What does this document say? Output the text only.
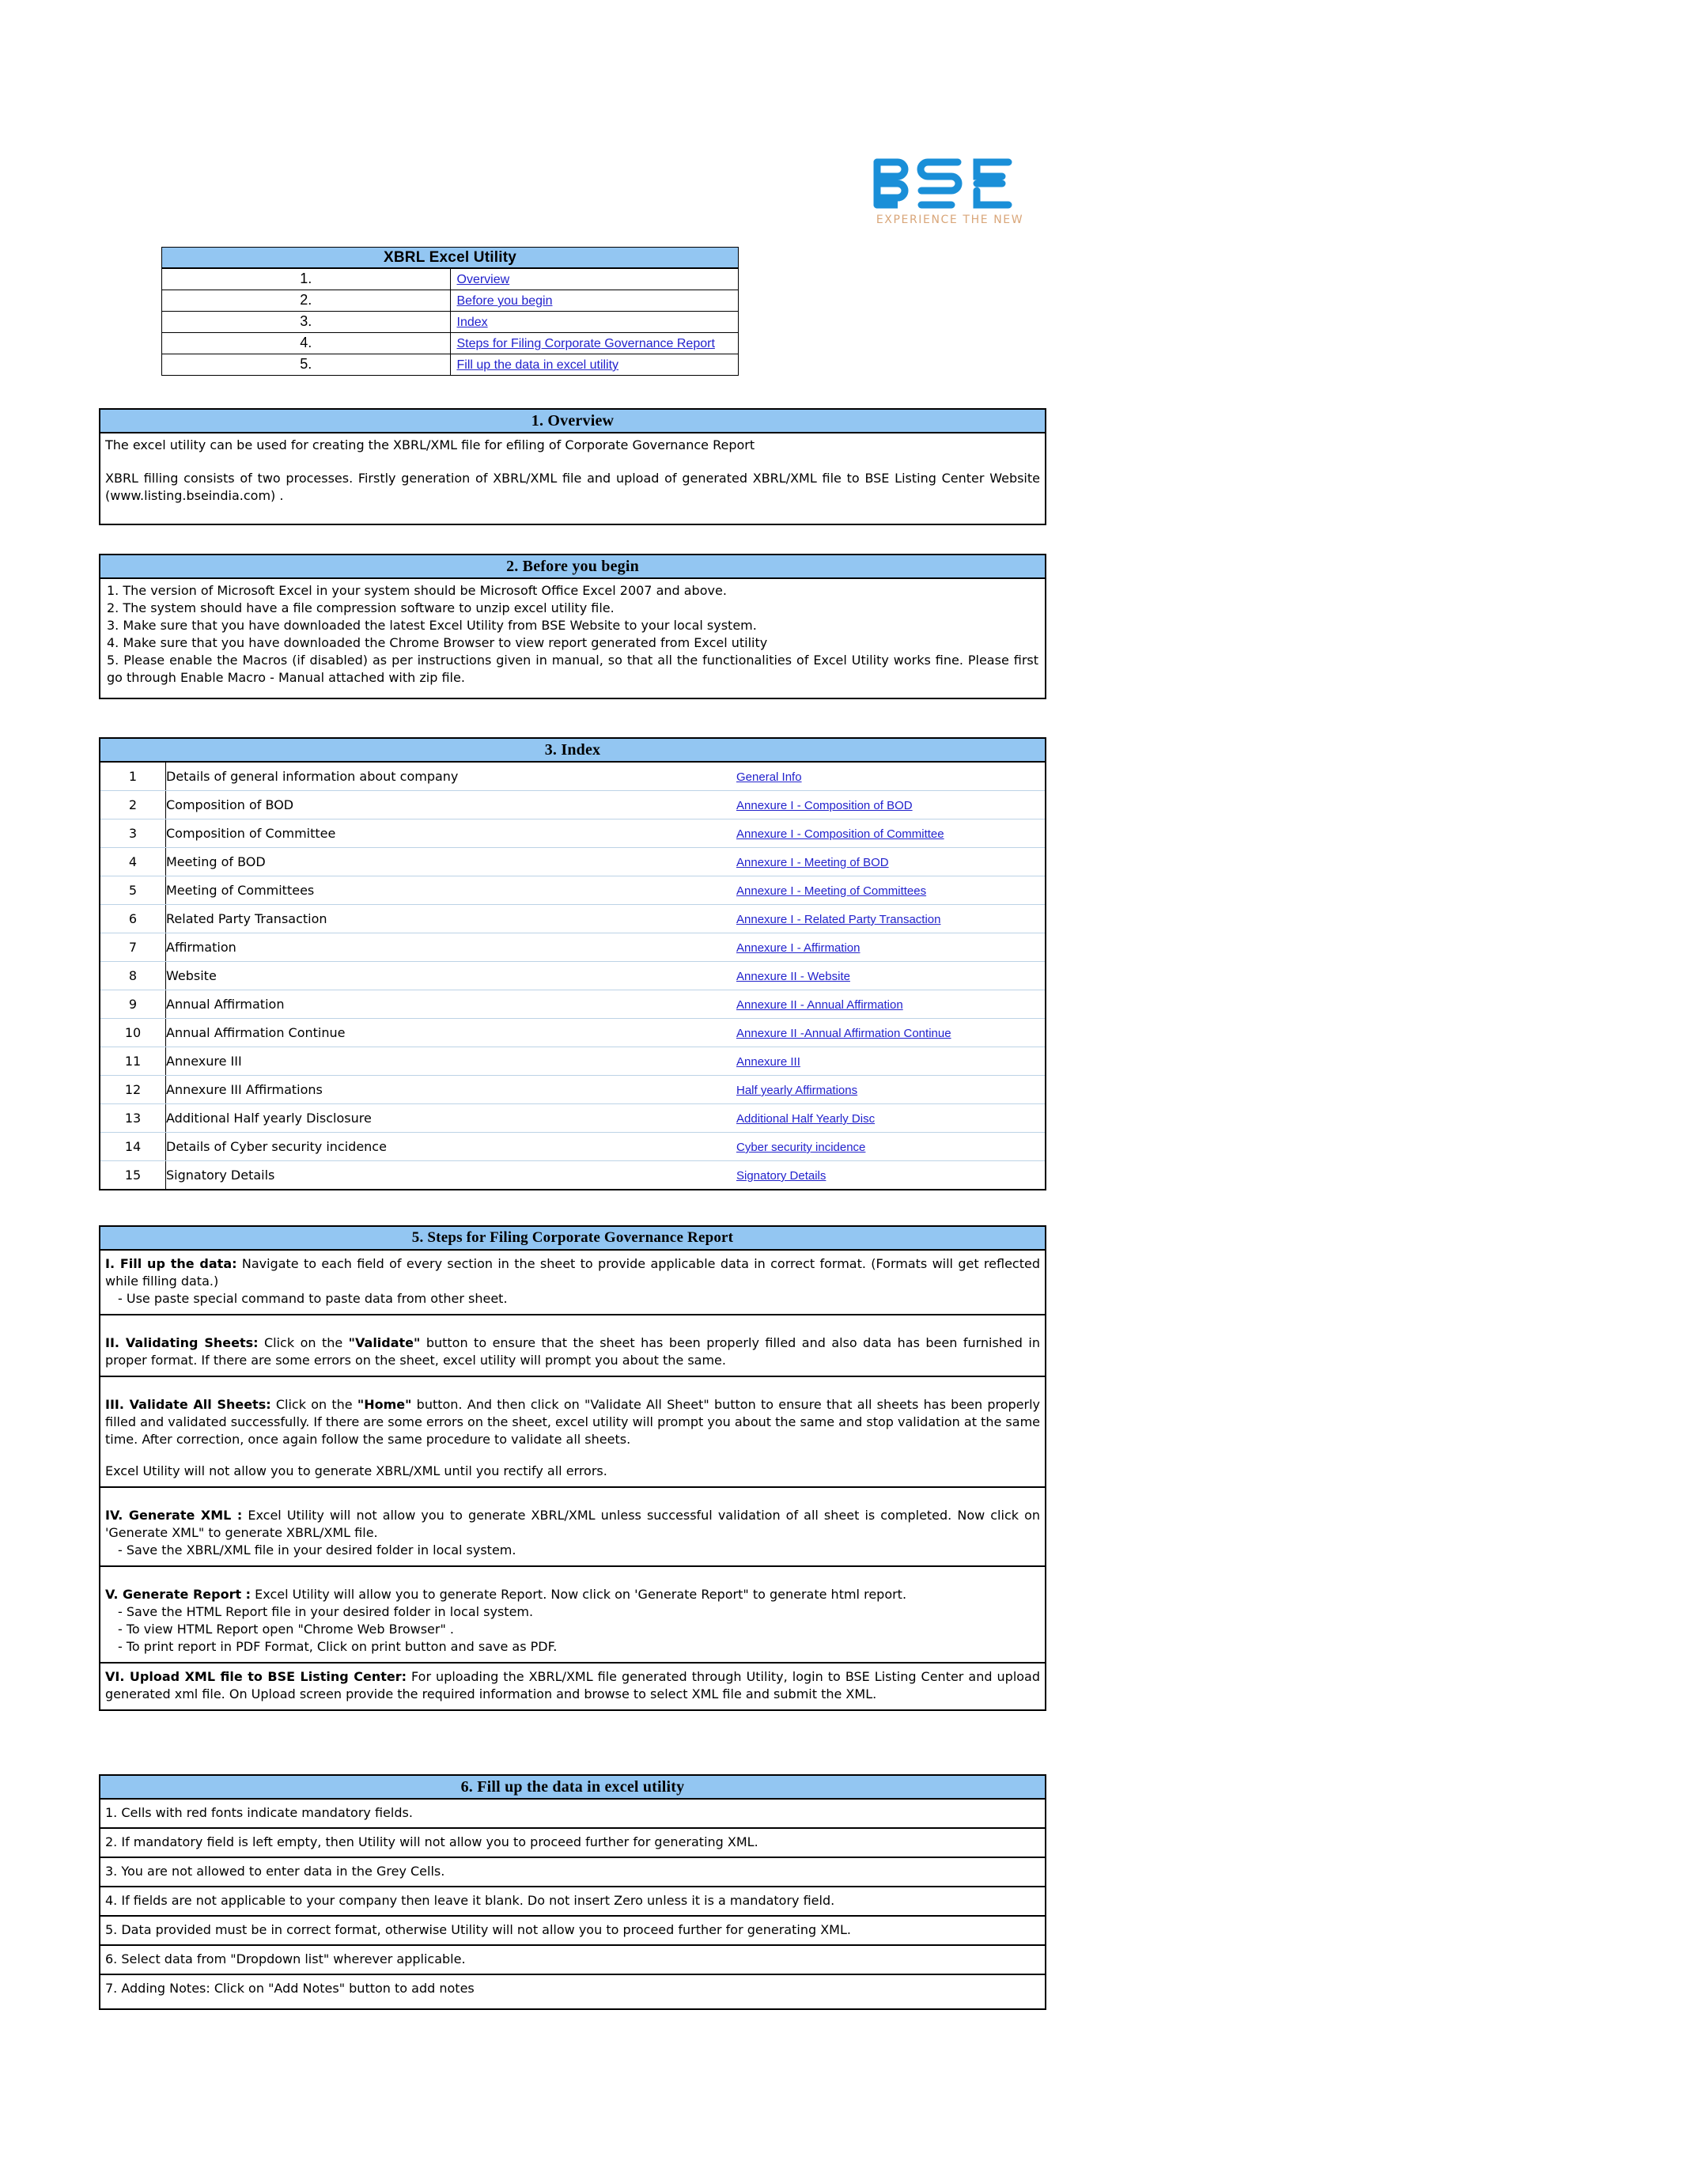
EXPERIENCE THE NEW
XBRL Excel Utility	
1.	Overview
2.	Before you begin
3.	Index
4.	Steps for Filing Corporate Governance Report
5.	Fill up the data in excel utility
1. Overview

The excel utility can be used for creating the XBRL/XML file for efiling of Corporate Governance Report

XBRL filling consists of two processes. Firstly generation of XBRL/XML file and upload of generated XBRL/XML file to BSE Listing Center Website (www.listing.bseindia.com) .

2. Before you begin

1. The version of Microsoft Excel in your system should be Microsoft Office Excel 2007 and above.

2. The system should have a file compression software to unzip excel utility file.

3. Make sure that you have downloaded the latest Excel Utility from BSE Website to your local system.

4. Make sure that you have downloaded the Chrome Browser to view report generated from Excel utility

5. Please enable the Macros (if disabled) as per instructions given in manual, so that all the functionalities of Excel Utility works fine. Please first go through Enable Macro - Manual attached with zip file.

3. Index
1	Details of general information about company	General Info
2	Composition of BOD	Annexure I - Composition of BOD
3	Composition of Committee	Annexure I - Composition of Committee
4	Meeting of BOD	Annexure I - Meeting of BOD
5	Meeting of Committees	Annexure I - Meeting of Committees
6	Related Party Transaction	Annexure I - Related Party Transaction
7	Affirmation	Annexure I - Affirmation
8	Website	Annexure II - Website
9	Annual Affirmation	Annexure II - Annual Affirmation
10	Annual Affirmation Continue	Annexure II -Annual Affirmation Continue
11	Annexure III	Annexure III
12	Annexure III Affirmations	Half yearly Affirmations
13	Additional Half yearly Disclosure	Additional Half Yearly Disc
14	Details of Cyber security incidence	Cyber security incidence
15	Signatory Details	Signatory Details
5. Steps for Filing Corporate Governance Report

I. Fill up the data: Navigate to each field of every section in the sheet to provide applicable data in correct format. (Formats will get reflected while filling data.)

- Use paste special command to paste data from other sheet.

II. Validating Sheets: Click on the "Validate" button to ensure that the sheet has been properly filled and also data has been furnished in proper format. If there are some errors on the sheet, excel utility will prompt you about the same.

III. Validate All Sheets: Click on the "Home" button. And then click on "Validate All Sheet" button to ensure that all sheets has been properly filled and validated successfully. If there are some errors on the sheet, excel utility will prompt you about the same and stop validation at the same time. After correction, once again follow the same procedure to validate all sheets.

Excel Utility will not allow you to generate XBRL/XML until you rectify all errors.

IV. Generate XML : Excel Utility will not allow you to generate XBRL/XML unless successful validation of all sheet is completed. Now click on 'Generate XML" to generate XBRL/XML file.

- Save the XBRL/XML file in your desired folder in local system.

V. Generate Report : Excel Utility will allow you to generate Report. Now click on 'Generate Report" to generate html report.

- Save the HTML Report file in your desired folder in local system.

- To view HTML Report open "Chrome Web Browser" .

- To print report in PDF Format, Click on print button and save as PDF.

VI. Upload XML file to BSE Listing Center: For uploading the XBRL/XML file generated through Utility, login to BSE Listing Center and upload generated xml file. On Upload screen provide the required information and browse to select XML file and submit the XML.

6. Fill up the data in excel utility
1. Cells with red fonts indicate mandatory fields.
2. If mandatory field is left empty, then Utility will not allow you to proceed further for generating XML.
3. You are not allowed to enter data in the Grey Cells.
4. If fields are not applicable to your company then leave it blank. Do not insert Zero unless it is a mandatory field.
5. Data provided must be in correct format, otherwise Utility will not allow you to proceed further for generating XML.
6. Select data from "Dropdown list" wherever applicable.
7. Adding Notes: Click on "Add Notes" button to add notes
